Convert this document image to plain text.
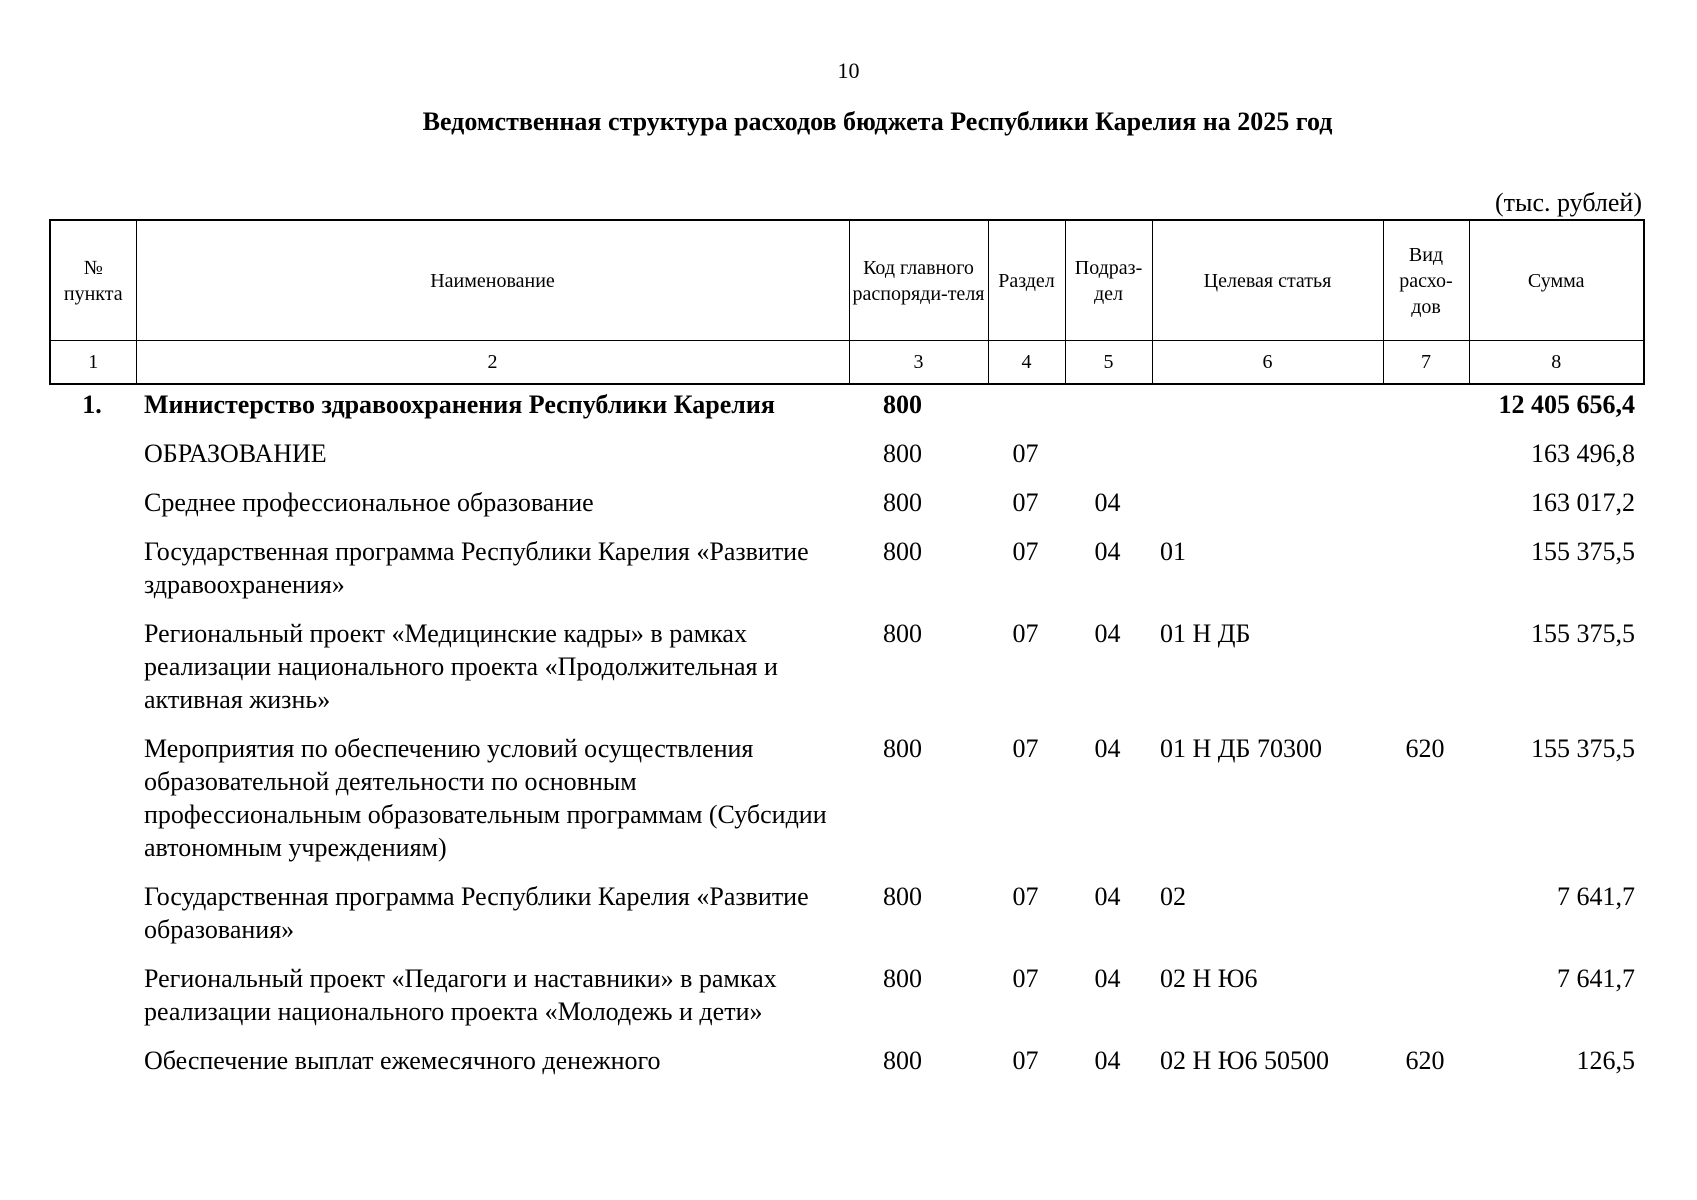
10
Ведомственная структура расходов бюджета Республики Карелия на 2025 год
(тыс. рублей)
№ пункта	Наименование	Код главного распоряди-теля	Раздел	Подраз-дел	Целевая статья	Вид расхо-дов	Сумма
1	2	3	4	5	6	7	8
1.	Министерство здравоохранения Республики Карелия	800					12 405 656,4
	ОБРАЗОВАНИЕ	800	07				163 496,8
	Среднее профессиональное образование	800	07	04			163 017,2
	Государственная программа Республики Карелия «Развитие здравоохранения»	800	07	04	01		155 375,5
	Региональный проект «Медицинские кадры» в рамках реализации национального проекта «Продолжительная и активная жизнь»	800	07	04	01 Н ДБ		155 375,5
	Мероприятия по обеспечению условий осуществления образовательной деятельности по основным профессиональным образовательным программам (Субсидии автономным учреждениям)	800	07	04	01 Н ДБ 70300	620	155 375,5
	Государственная программа Республики Карелия «Развитие образования»	800	07	04	02		7 641,7
	Региональный проект «Педагоги и наставники» в рамках реализации национального проекта «Молодежь и дети»	800	07	04	02 Н Ю6		7 641,7
	Обеспечение выплат ежемесячного денежного	800	07	04	02 Н Ю6 50500	620	126,5
